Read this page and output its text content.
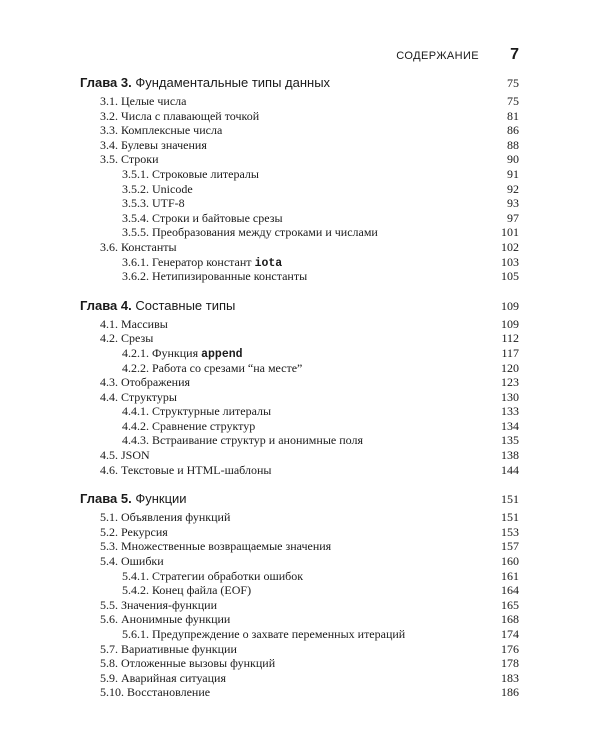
СОДЕРЖАНИЕ 7
Глава 3. Фундаментальные типы данных	75
3.1. Целые числа	75
3.2. Числа с плавающей точкой	81
3.3. Комплексные числа	86
3.4. Булевы значения	88
3.5. Строки	90
3.5.1. Строковые литералы	91
3.5.2. Unicode	92
3.5.3. UTF-8	93
3.5.4. Строки и байтовые срезы	97
3.5.5. Преобразования между строками и числами	101
3.6. Константы	102
3.6.1. Генератор констант iota	103
3.6.2. Нетипизированные константы	105
Глава 4. Составные типы	109
4.1. Массивы	109
4.2. Срезы	112
4.2.1. Функция append	117
4.2.2. Работа со срезами “на месте”	120
4.3. Отображения	123
4.4. Структуры	130
4.4.1. Структурные литералы	133
4.4.2. Сравнение структур	134
4.4.3. Встраивание структур и анонимные поля	135
4.5. JSON	138
4.6. Текстовые и HTML-шаблоны	144
Глава 5. Функции	151
5.1. Объявления функций	151
5.2. Рекурсия	153
5.3. Множественные возвращаемые значения	157
5.4. Ошибки	160
5.4.1. Стратегии обработки ошибок	161
5.4.2. Конец файла (EOF)	164
5.5. Значения-функции	165
5.6. Анонимные функции	168
5.6.1. Предупреждение о захвате переменных итераций	174
5.7. Вариативные функции	176
5.8. Отложенные вызовы функций	178
5.9. Аварийная ситуация	183
5.10. Восстановление	186
